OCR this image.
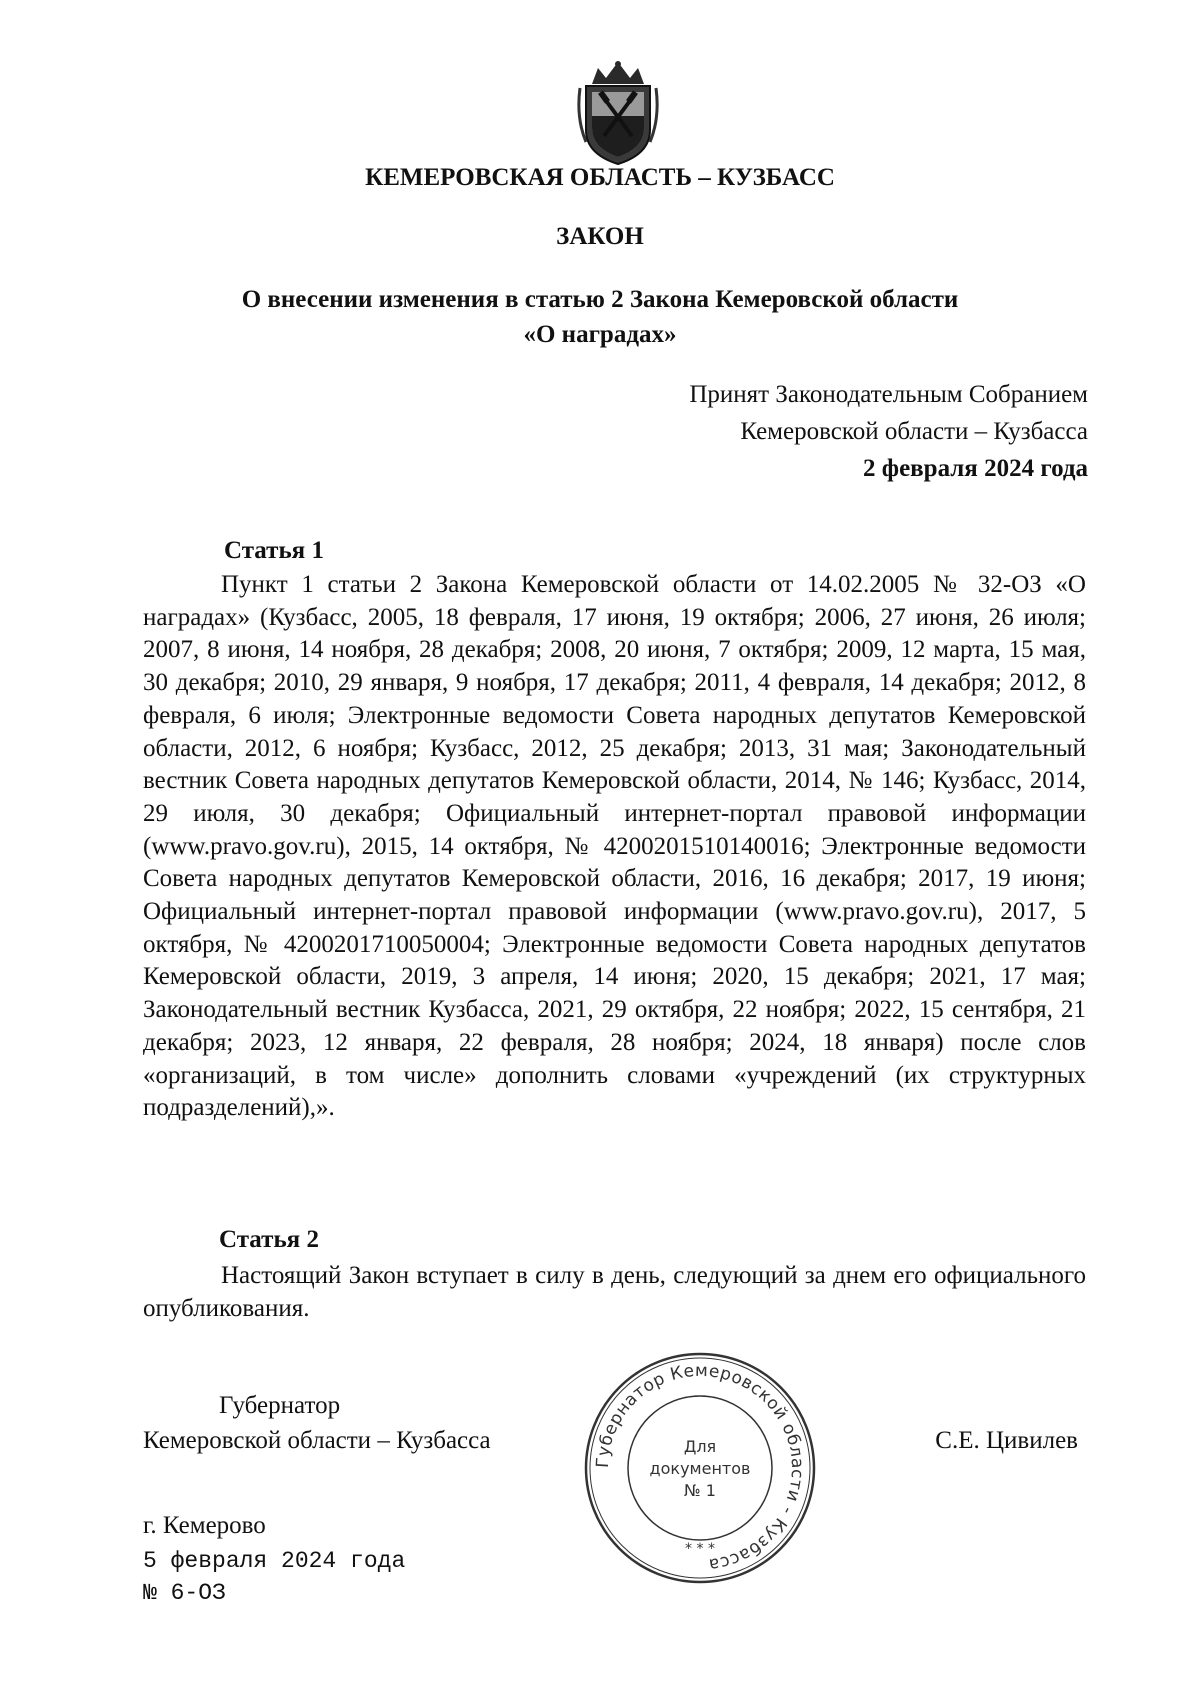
КЕМЕРОВСКАЯ ОБЛАСТЬ – КУЗБАСС
ЗАКОН
О внесении изменения в статью 2 Закона Кемеровской области
«О наградах»
Принят Законодательным Собранием
Кемеровской области – Кузбасса
2 февраля 2024 года
Статья 1
Пункт 1 статьи 2 Закона Кемеровской области от 14.02.2005 № 32-ОЗ «О наградах» (Кузбасс, 2005, 18 февраля, 17 июня, 19 октября; 2006, 27 июня, 26 июля; 2007, 8 июня, 14 ноября, 28 декабря; 2008, 20 июня, 7 октября; 2009, 12 марта, 15 мая, 30 декабря; 2010, 29 января, 9 ноября, 17 декабря; 2011, 4 февраля, 14 декабря; 2012, 8 февраля, 6 июля; Электронные ведомости Совета народных депутатов Кемеровской области, 2012, 6 ноября; Кузбасс, 2012, 25 декабря; 2013, 31 мая; Законодательный вестник Совета народных депутатов Кемеровской области, 2014, № 146; Кузбасс, 2014, 29 июля, 30 декабря; Официальный интернет-портал правовой информации (www.pravo.gov.ru), 2015, 14 октября, № 4200201510140016; Электронные ведомости Совета народных депутатов Кемеровской области, 2016, 16 декабря; 2017, 19 июня; Официальный интернет-портал правовой информации (www.pravo.gov.ru), 2017, 5 октября, № 4200201710050004; Электронные ведомости Совета народных депутатов Кемеровской области, 2019, 3 апреля, 14 июня; 2020, 15 декабря; 2021, 17 мая; Законодательный вестник Кузбасса, 2021, 29 октября, 22 ноября; 2022, 15 сентября, 21 декабря; 2023, 12 января, 22 февраля, 28 ноября; 2024, 18 января) после слов «организаций, в том числе» дополнить словами «учреждений (их структурных подразделений),».
Статья 2
Настоящий Закон вступает в силу в день, следующий за днем его официального опубликования.
Губернатор
Кемеровской области – Кузбасса	С.Е. Цивилев
Губернатор Кемеровской области - Кузбасса
Для
документов
№ 1
* * *
г. Кемерово
5 февраля 2024 года
№ 6-ОЗ
